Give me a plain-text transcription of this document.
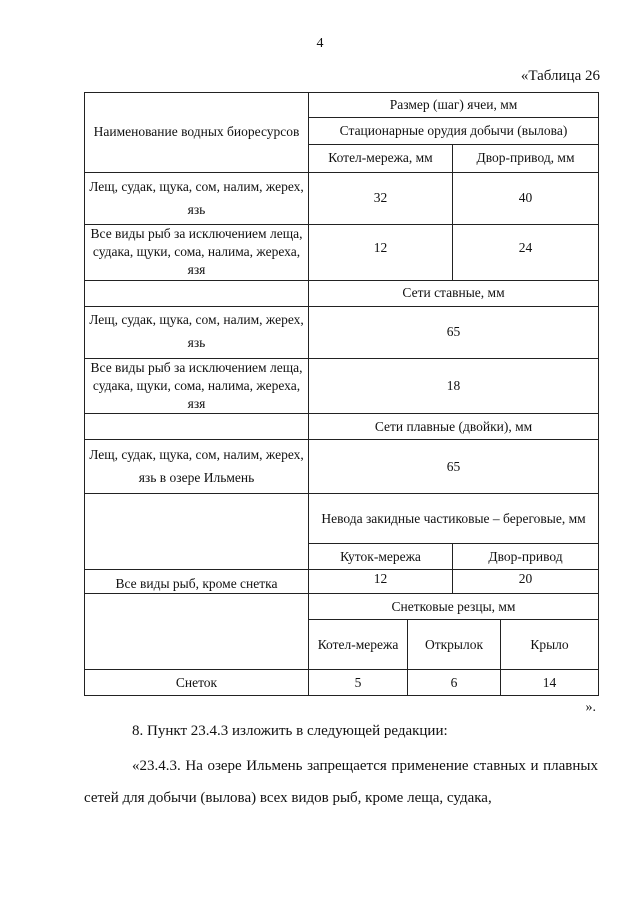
4
«Таблица 26
Наименование водных биоресурсов	Размер (шаг) ячеи, мм			
	Стационарные орудия добычи (вылова)			
	Котел-мережа, мм		Двор-привод, мм	
Лещ, судак, щука, сом, налим, жерех, язь	32		40	
Все виды рыб за исключением леща, судака, щуки, сома, налима, жереха, язя	12		24	
	Сети ставные, мм			
Лещ, судак, щука, сом, налим, жерех, язь	65			
Все виды рыб за исключением леща, судака, щуки, сома, налима, жереха, язя	18			
	Сети плавные (двойки), мм			
Лещ, судак, щука, сом, налим, жерех, язь в озере Ильмень	65			
	Невода закидные частиковые – береговые, мм			
	Куток-мережа		Двор-привод	
Все виды рыб, кроме снетка	12		20	
	Снетковые резцы, мм			
	Котел-мережа	Открылок		Крыло
Снеток	5	6		14
».
8. Пункт 23.4.3 изложить в следующей редакции:
«23.4.3. На озере Ильмень запрещается применение ставных и плавных сетей для добычи (вылова) всех видов рыб, кроме леща, судака,
